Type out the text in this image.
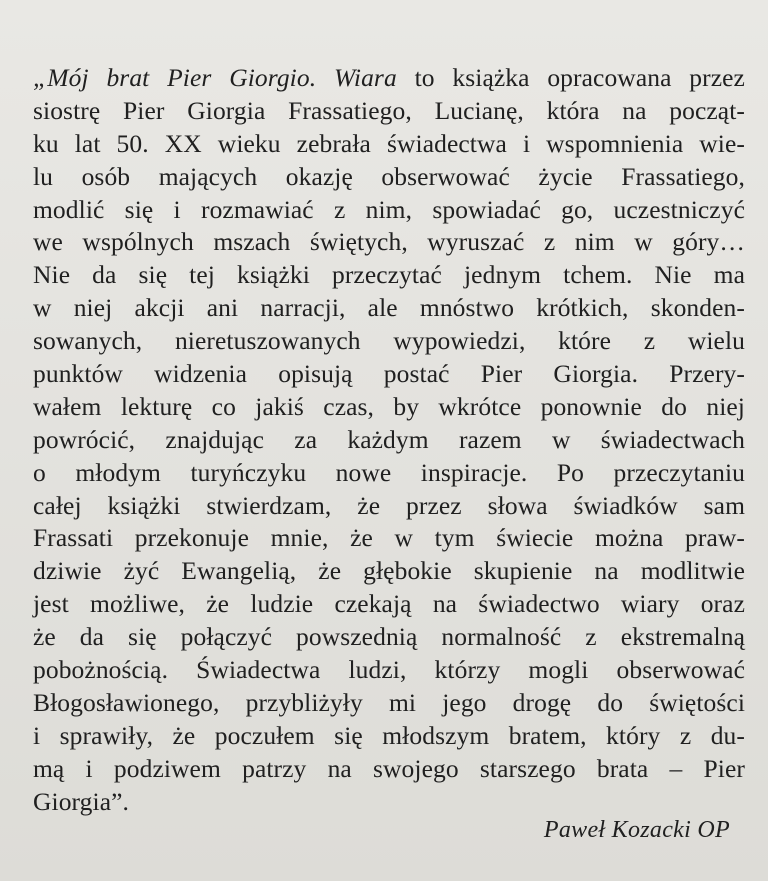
„Mój brat Pier Giorgio. Wiara to książka opracowana przez
siostrę Pier Giorgia Frassatiego, Lucianę, która na począt-
ku lat 50. XX wieku zebrała świadectwa i wspomnienia wie-
lu osób mających okazję obserwować życie Frassatiego,
modlić się i rozmawiać z nim, spowiadać go, uczestniczyć
we wspólnych mszach świętych, wyruszać z nim w góry…
Nie da się tej książki przeczytać jednym tchem. Nie ma
w niej akcji ani narracji, ale mnóstwo krótkich, skonden-
sowanych, nieretuszowanych wypowiedzi, które z wielu
punktów widzenia opisują postać Pier Giorgia. Przery-
wałem lekturę co jakiś czas, by wkrótce ponownie do niej
powrócić, znajdując za każdym razem w świadectwach
o młodym turyńczyku nowe inspiracje. Po przeczytaniu
całej książki stwierdzam, że przez słowa świadków sam
Frassati przekonuje mnie, że w tym świecie można praw-
dziwie żyć Ewangelią, że głębokie skupienie na modlitwie
jest możliwe, że ludzie czekają na świadectwo wiary oraz
że da się połączyć powszednią normalność z ekstremalną
pobożnością. Świadectwa ludzi, którzy mogli obserwować
Błogosławionego, przybliżyły mi jego drogę do świętości
i sprawiły, że poczułem się młodszym bratem, który z du-
mą i podziwem patrzy na swojego starszego brata – Pier
Giorgia”.

Paweł Kozacki OP
